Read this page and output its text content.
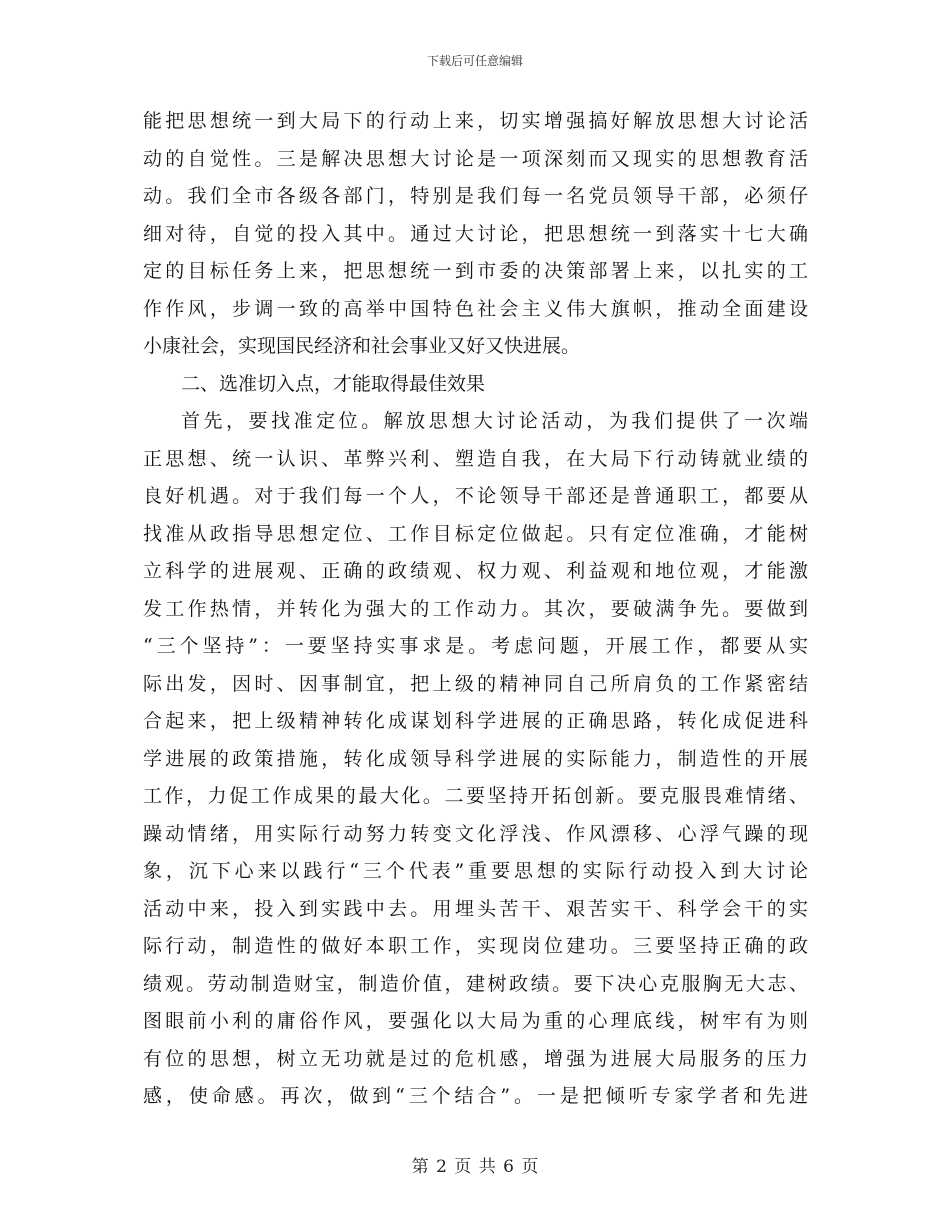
下载后可任意编辑
能把思想统一到大局下的行动上来，切实增强搞好解放思想大讨论活
动的自觉性。三是解决思想大讨论是一项深刻而又现实的思想教育活
动。我们全市各级各部门，特别是我们每一名党员领导干部，必须仔
细对待，自觉的投入其中。通过大讨论，把思想统一到落实十七大确
定的目标任务上来，把思想统一到市委的决策部署上来，以扎实的工
作作风，步调一致的高举中国特色社会主义伟大旗帜，推动全面建设
小康社会，实现国民经济和社会事业又好又快进展。
二、选准切入点，才能取得最佳效果
首先，要找准定位。解放思想大讨论活动，为我们提供了一次端
正思想、统一认识、革弊兴利、塑造自我，在大局下行动铸就业绩的
良好机遇。对于我们每一个人，不论领导干部还是普通职工，都要从
找准从政指导思想定位、工作目标定位做起。只有定位准确，才能树
立科学的进展观、正确的政绩观、权力观、利益观和地位观，才能激
发工作热情，并转化为强大的工作动力。其次，要破满争先。要做到
“三个坚持”：一要坚持实事求是。考虑问题，开展工作，都要从实
际出发，因时、因事制宜，把上级的精神同自己所肩负的工作紧密结
合起来，把上级精神转化成谋划科学进展的正确思路，转化成促进科
学进展的政策措施，转化成领导科学进展的实际能力，制造性的开展
工作，力促工作成果的最大化。二要坚持开拓创新。要克服畏难情绪、
躁动情绪，用实际行动努力转变文化浮浅、作风漂移、心浮气躁的现
象，沉下心来以践行“三个代表”重要思想的实际行动投入到大讨论
活动中来，投入到实践中去。用埋头苦干、艰苦实干、科学会干的实
际行动，制造性的做好本职工作，实现岗位建功。三要坚持正确的政
绩观。劳动制造财宝，制造价值，建树政绩。要下决心克服胸无大志、
图眼前小利的庸俗作风，要强化以大局为重的心理底线，树牢有为则
有位的思想，树立无功就是过的危机感，增强为进展大局服务的压力
感，使命感。再次，做到“三个结合”。一是把倾听专家学者和先进
第 2 页 共 6 页
